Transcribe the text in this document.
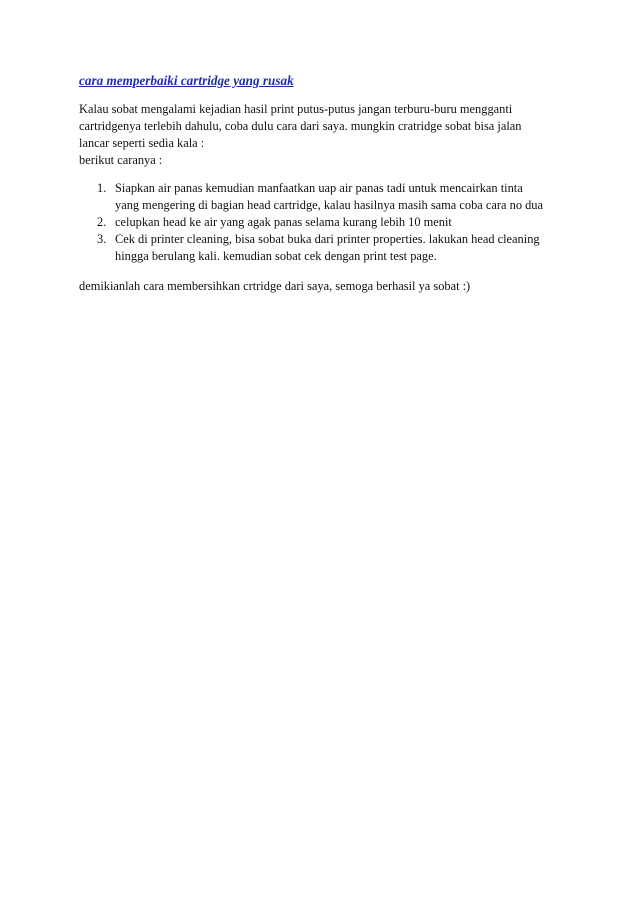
cara memperbaiki cartridge yang rusak

Kalau sobat mengalami kejadian hasil print putus-putus jangan terburu-buru mengganti
cartridgenya terlebih dahulu, coba dulu cara dari saya. mungkin cratridge sobat bisa jalan
lancar seperti sedia kala :
berikut caranya :

1. Siapkan air panas kemudian manfaatkan uap air panas tadi untuk mencairkan tinta
yang mengering di bagian head cartridge, kalau hasilnya masih sama coba cara no dua
2. celupkan head ke air yang agak panas selama kurang lebih 10 menit
3. Cek di printer cleaning, bisa sobat buka dari printer properties. lakukan head cleaning
hingga berulang kali. kemudian sobat cek dengan print test page.

demikianlah cara membersihkan crtridge dari saya, semoga berhasil ya sobat :)
